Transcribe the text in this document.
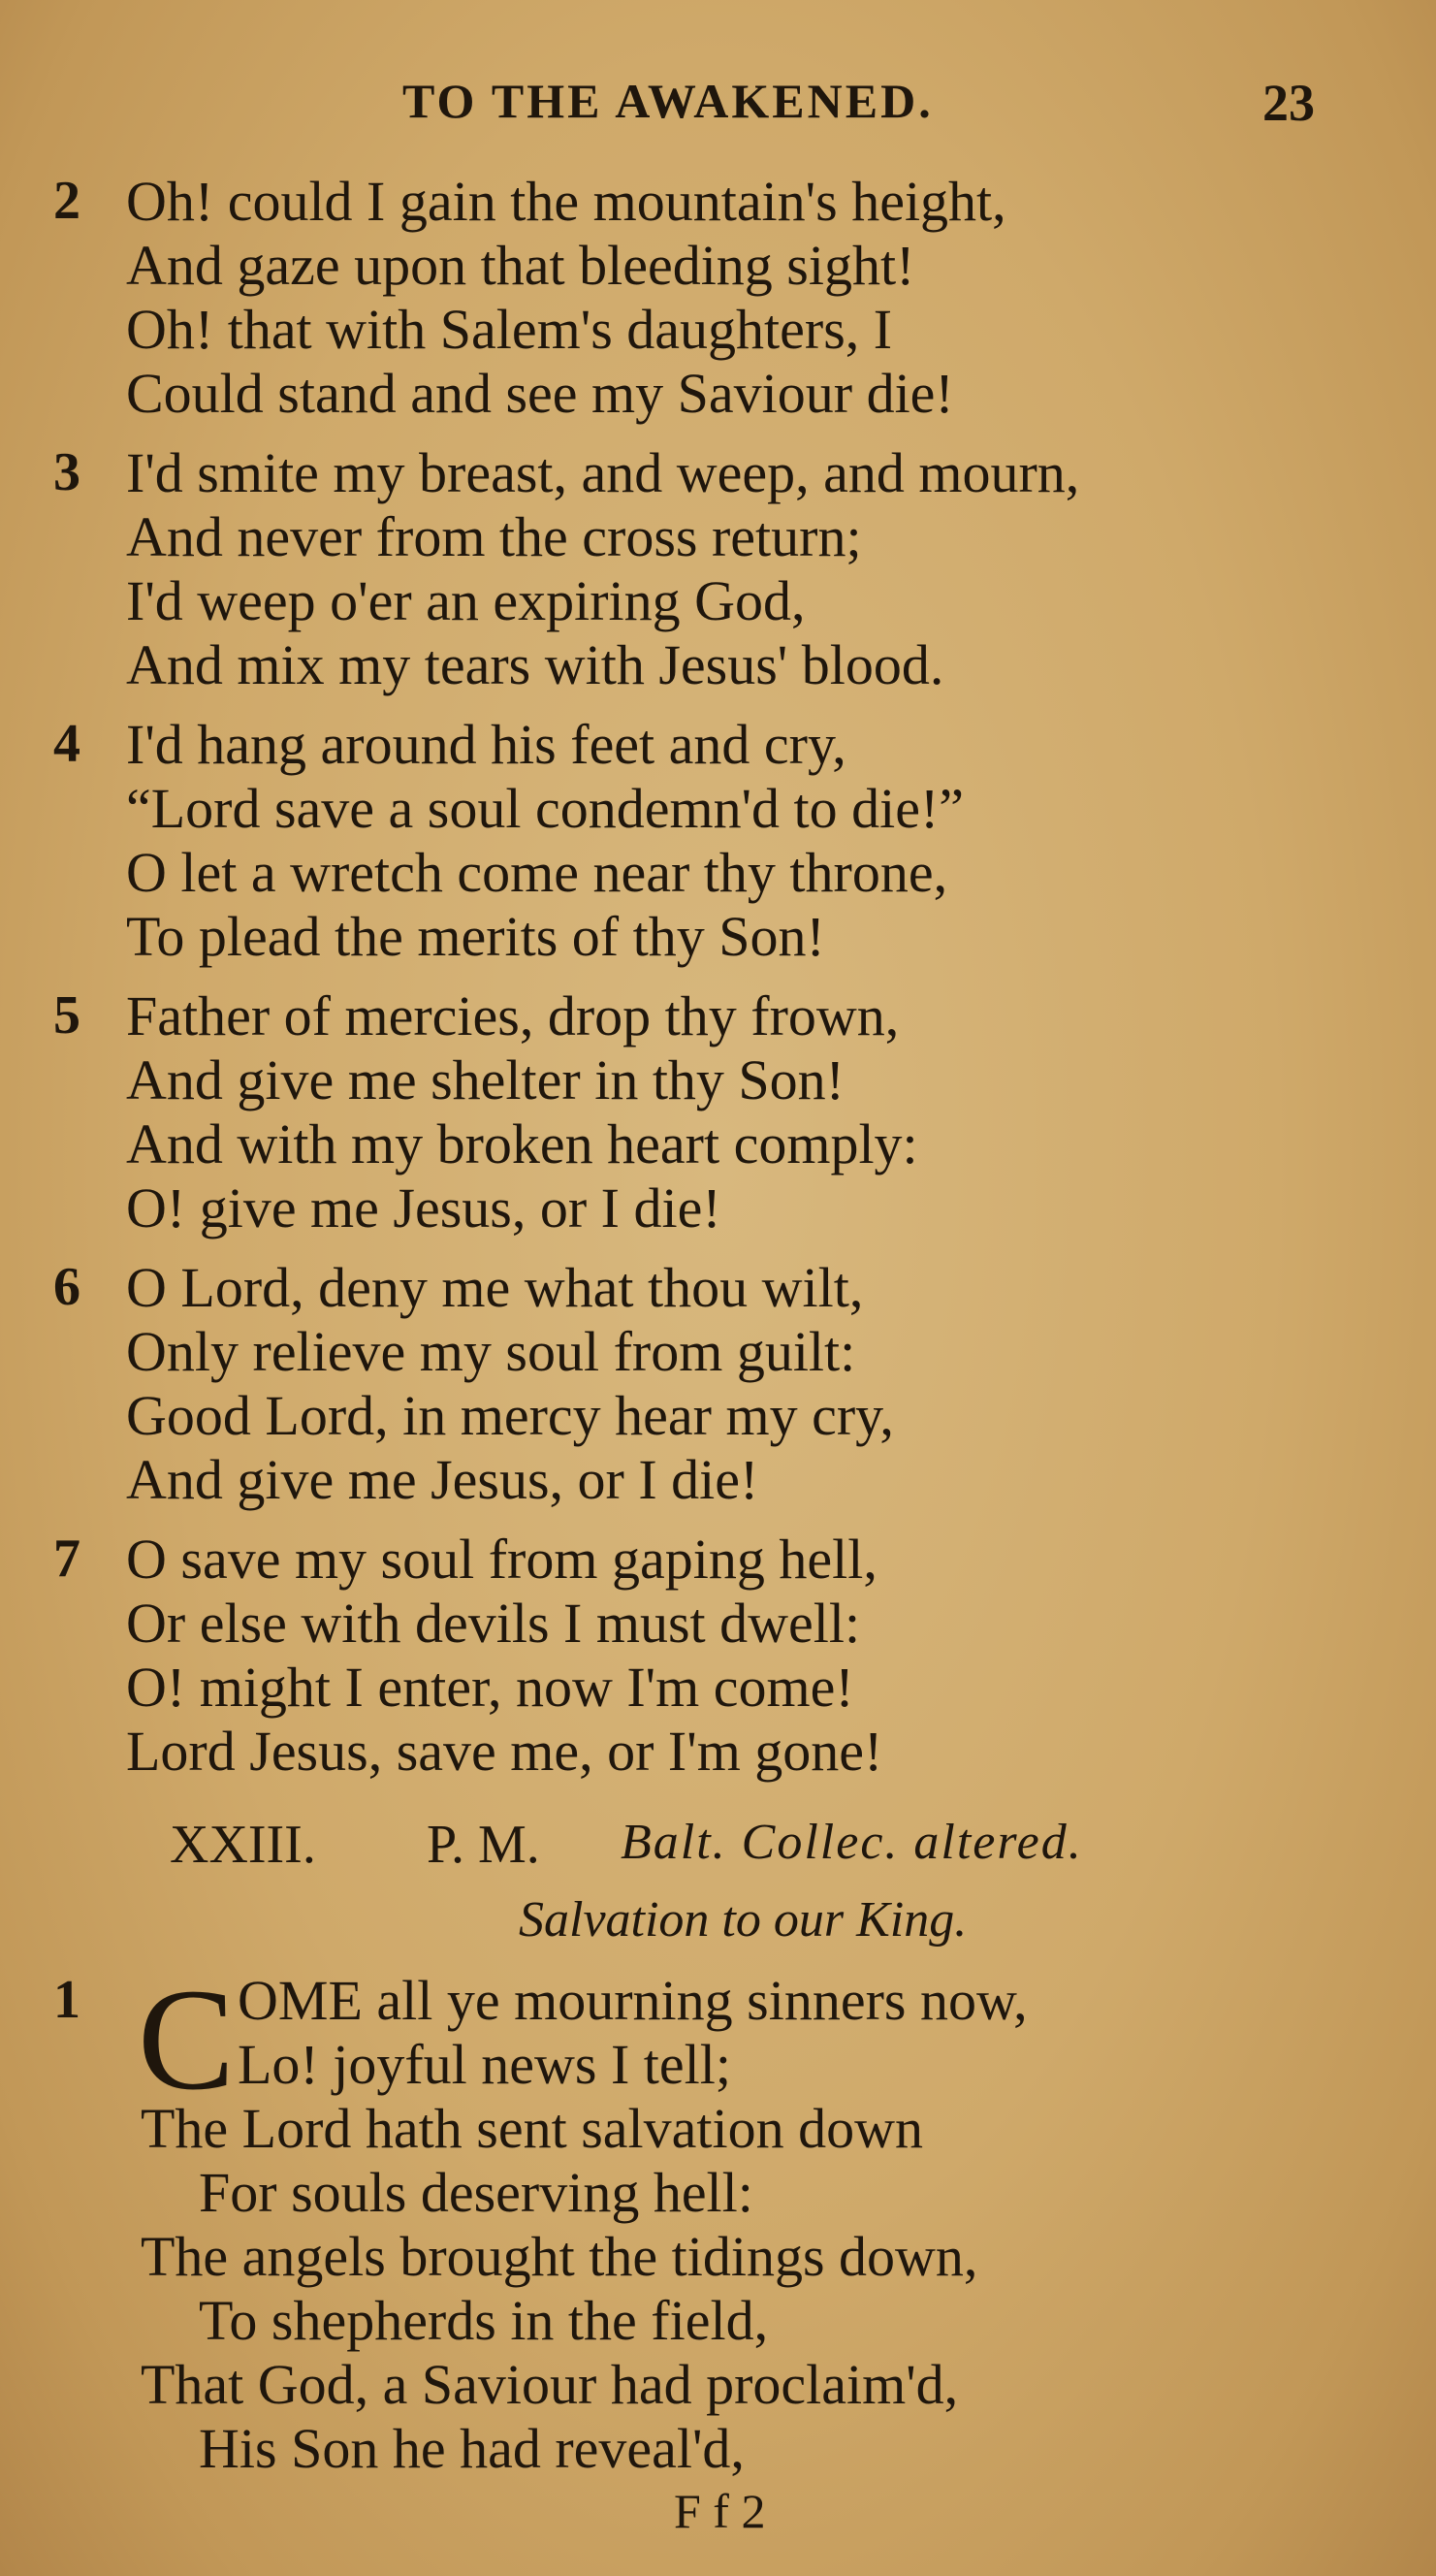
TO THE AWAKENED.	23
2 Oh! could I gain the mountain's height,
And gaze upon that bleeding sight!
Oh! that with Salem's daughters, I
Could stand and see my Saviour die!
3 I'd smite my breast, and weep, and mourn,
And never from the cross return;
I'd weep o'er an expiring God,
And mix my tears with Jesus' blood.
4 I'd hang around his feet and cry,
“Lord save a soul condemn'd to die!”
O let a wretch come near thy throne,
To plead the merits of thy Son!
5 Father of mercies, drop thy frown,
And give me shelter in thy Son!
And with my broken heart comply:
O! give me Jesus, or I die!
6 O Lord, deny me what thou wilt,
Only relieve my soul from guilt:
Good Lord, in mercy hear my cry,
And give me Jesus, or I die!
7 O save my soul from gaping hell,
Or else with devils I must dwell:
O! might I enter, now I'm come!
Lord Jesus, save me, or I'm gone!
XXIII. P. M. Balt. Collec. altered.
Salvation to our King.
1 C OME all ye mourning sinners now,
Lo! joyful news I tell;
The Lord hath sent salvation down
For souls deserving hell:
The angels brought the tidings down,
To shepherds in the field,
That God, a Saviour had proclaim'd,
His Son he had reveal'd,
F f 2
